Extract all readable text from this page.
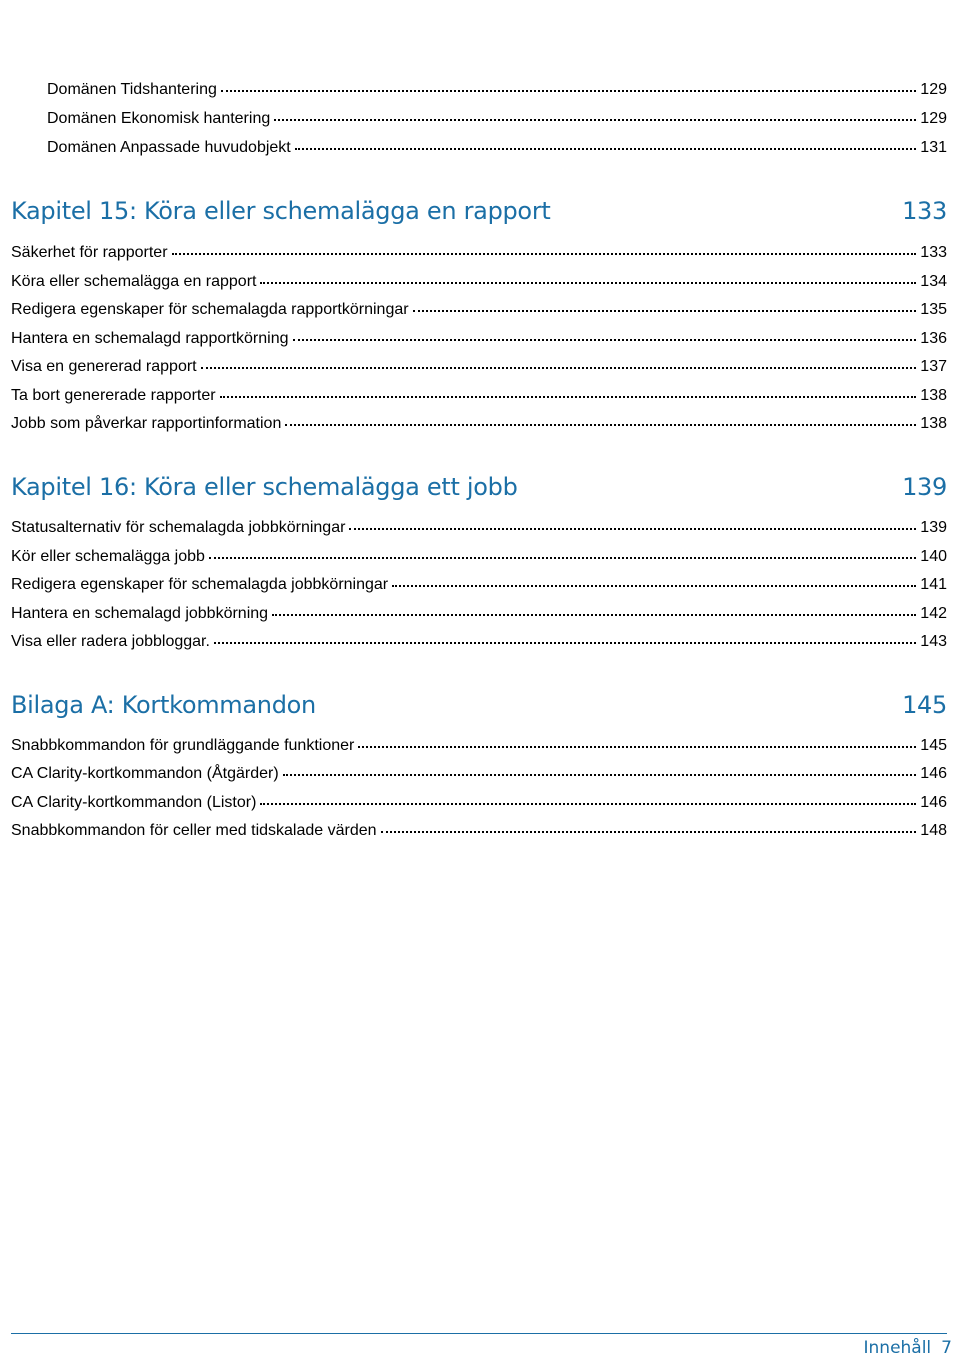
Domänen Tidshantering	129
Domänen Ekonomisk hantering	129
Domänen Anpassade huvudobjekt	131
Kapitel 15: Köra eller schemalägga en rapport	133
Säkerhet för rapporter	133
Köra eller schemalägga en rapport	134
Redigera egenskaper för schemalagda rapportkörningar	135
Hantera en schemalagd rapportkörning	136
Visa en genererad rapport	137
Ta bort genererade rapporter	138
Jobb som påverkar rapportinformation	138
Kapitel 16: Köra eller schemalägga ett jobb	139
Statusalternativ för schemalagda jobbkörningar	139
Kör eller schemalägga jobb	140
Redigera egenskaper för schemalagda jobbkörningar	141
Hantera en schemalagd jobbkörning	142
Visa eller radera jobbloggar.	143
Bilaga A: Kortkommandon	145
Snabbkommandon för grundläggande funktioner	145
CA Clarity-kortkommandon (Åtgärder)	146
CA Clarity-kortkommandon (Listor)	146
Snabbkommandon för celler med tidskalade värden	148
Innehåll 7
